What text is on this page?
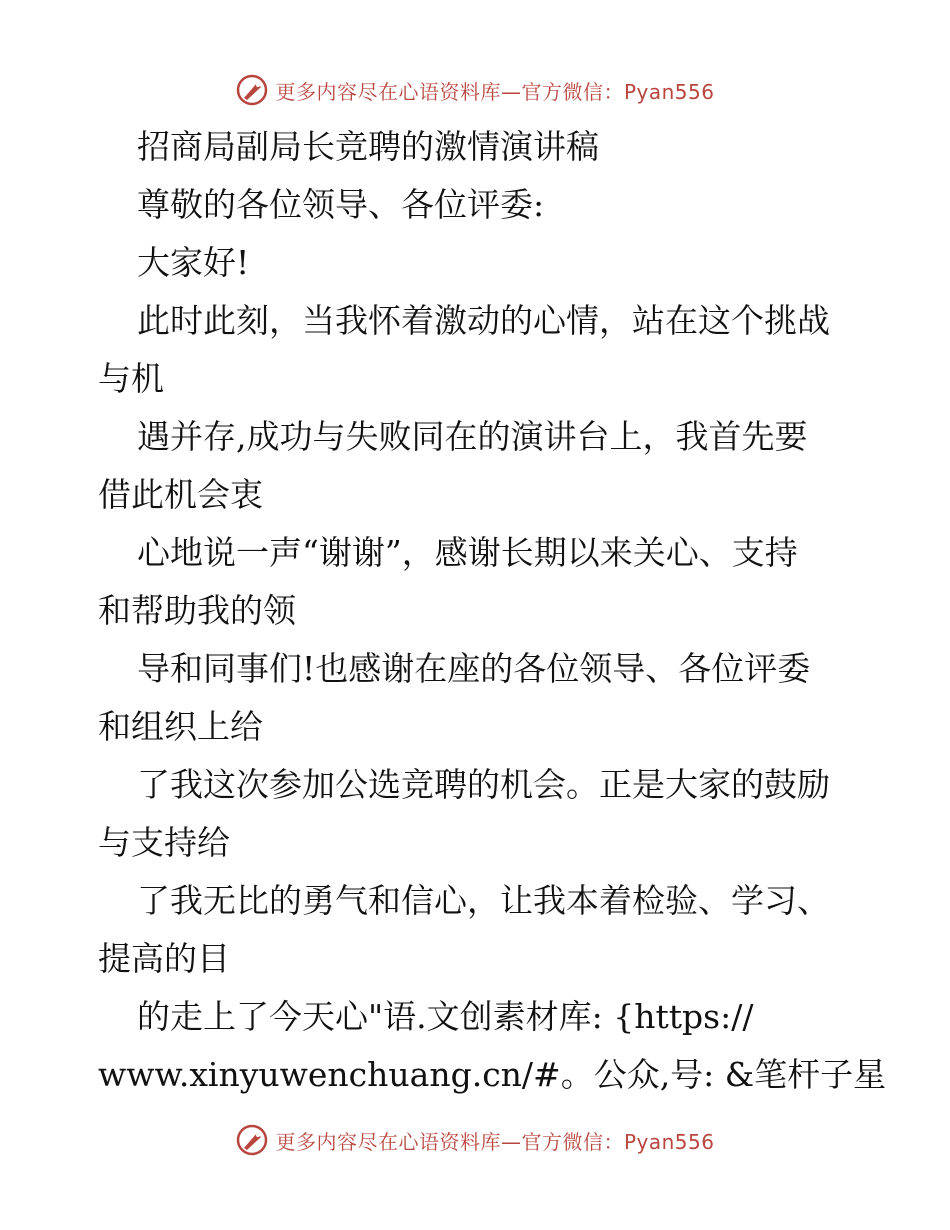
更多内容尽在心语资料库—官方微信：Pyan556

招商局副局长竞聘的激情演讲稿

尊敬的各位领导、各位评委:

大家好!

此时此刻，当我怀着激动的心情，站在这个挑战

与机

遇并存,成功与失败同在的演讲台上，我首先要

借此机会衷

心地说一声“谢谢”，感谢长期以来关心、支持

和帮助我的领

导和同事们!也感谢在座的各位领导、各位评委

和组织上给

了我这次参加公选竞聘的机会。正是大家的鼓励

与支持给

了我无比的勇气和信心，让我本着检验、学习、

提高的目

的走上了今天心"语.文创素材库: {https://

www.xinyuwenchuang.cn/#。公众,号: &笔杆子星

更多内容尽在心语资料库—官方微信：Pyan556
